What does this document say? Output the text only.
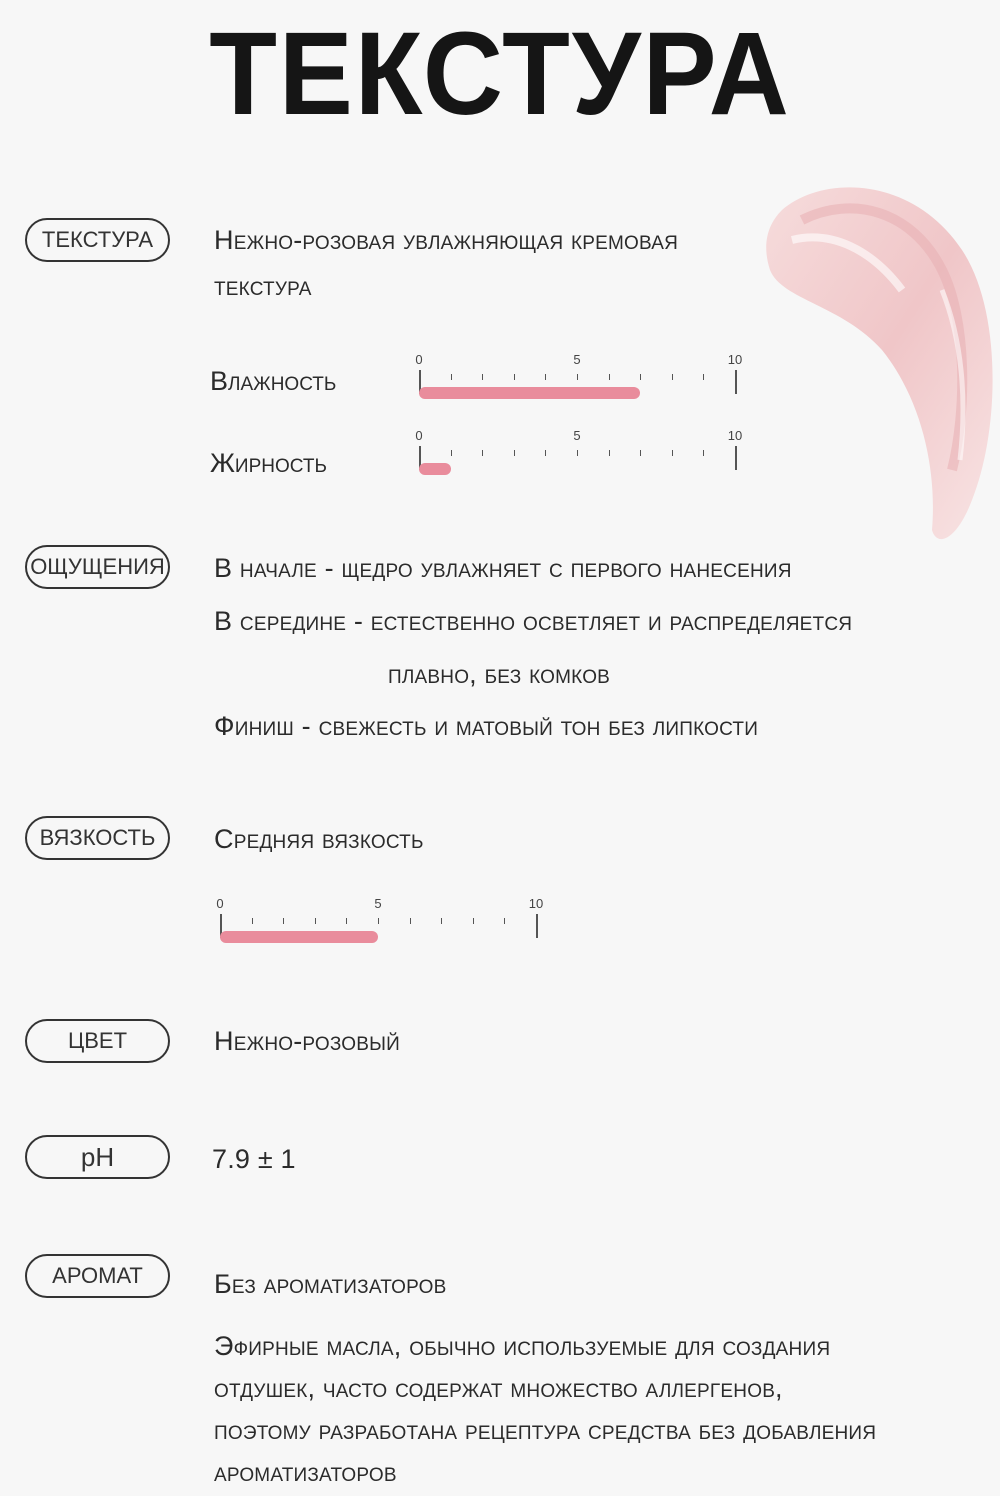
ТЕКСТУРА
ТЕКСТУРА	Нежно-розовая увлажняющая кремовая
текстура
Влажность
0	5	10
Жирность
0	5	10
ОЩУЩЕНИЯ В начале - щедро увлажняет с первого нанесения
В середине - естественно осветляет и распределяется
плавно, без комков
Финиш - свежесть и матовый тон без липкости
ВЯЗКОСТЬ	Средняя вязкость
0	5	10
ЦВЕТ	Нежно-розовый
pH	7.9 ± 1
АРОМАТ	Без ароматизаторов
Эфирные масла, обычно используемые для создания
отдушек, часто содержат множество аллергенов,
поэтому разработана рецептура средства без добавления
ароматизаторов
